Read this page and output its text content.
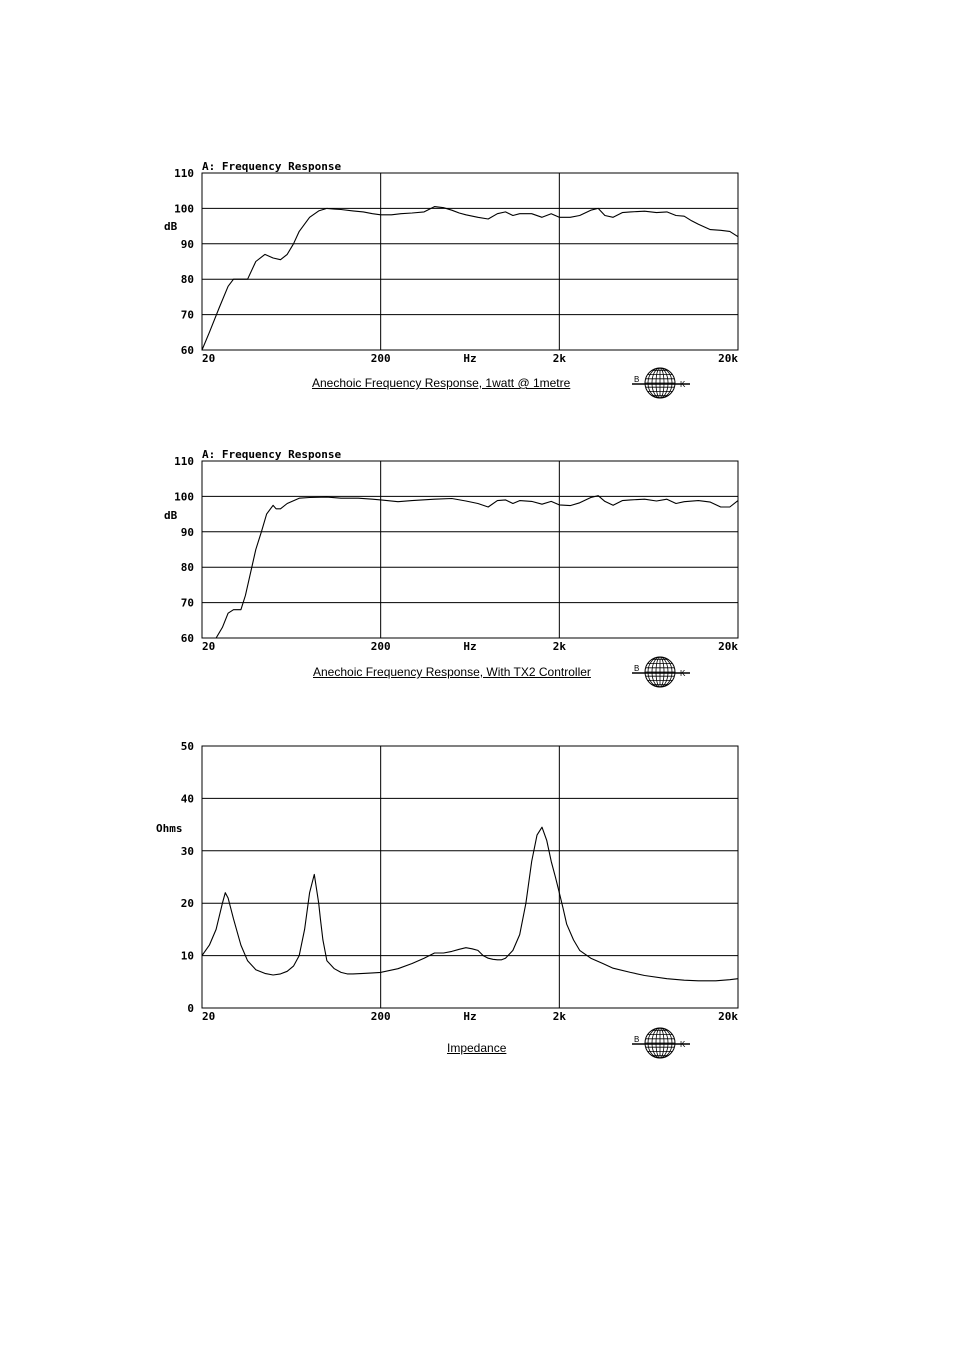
A: Frequency Response
60
70
80
90
100
110
20	200	2k	20k
Hz
dB
Anechoic Frequency Response, 1watt @ 1metre	B
K
A: Frequency Response
60
70
80
90
100
110
20	200	2k	20k
Hz
dB
Anechoic Frequency Response, With TX2 Controller	B
K
0
10
20
30
40
50
20	200	2k	20k
Hz
Ohms
Impedance
B
K
